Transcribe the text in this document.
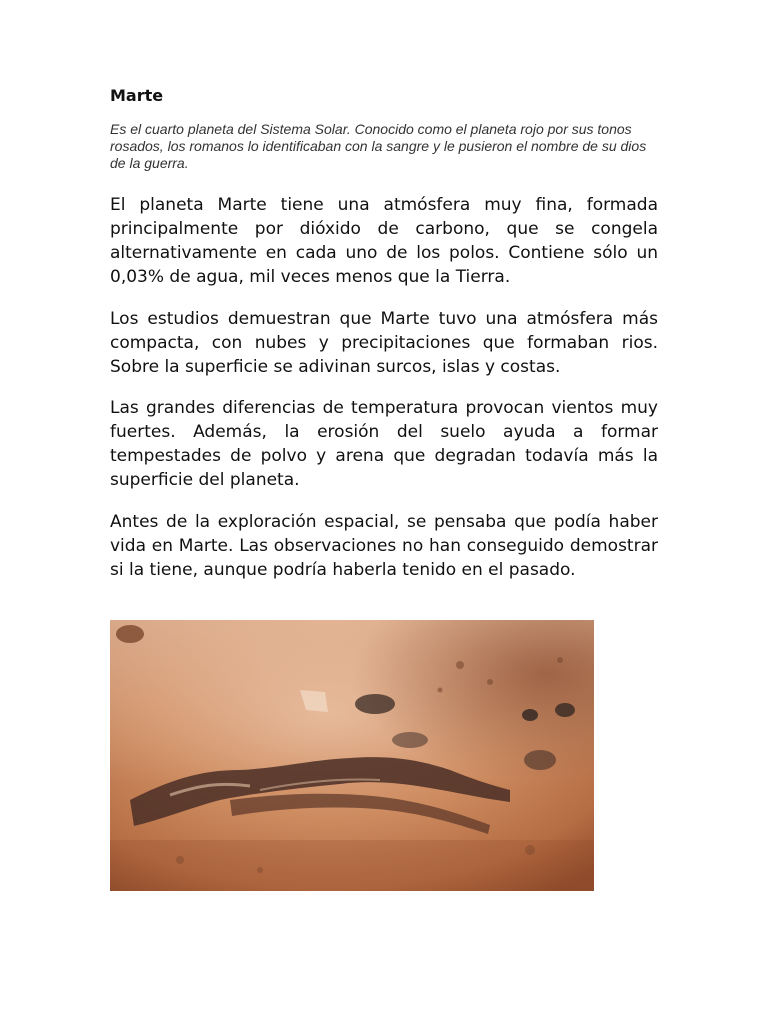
Marte
Es el cuarto planeta del Sistema Solar. Conocido como el planeta rojo por sus tonos rosados, los romanos lo identificaban con la sangre y le pusieron el nombre de su dios de la guerra.

El planeta Marte tiene una atmósfera muy fina, formada principalmente por dióxido de carbono, que se congela alternativamente en cada uno de los polos. Contiene sólo un 0,03% de agua, mil veces menos que la Tierra.

Los estudios demuestran que Marte tuvo una atmósfera más compacta, con nubes y precipitaciones que formaban rios. Sobre la superficie se adivinan surcos, islas y costas.

Las grandes diferencias de temperatura provocan vientos muy fuertes. Además, la erosión del suelo ayuda a formar tempestades de polvo y arena que degradan todavía más la superficie del planeta.

Antes de la exploración espacial, se pensaba que podía haber vida en Marte. Las observaciones no han conseguido demostrar si la tiene, aunque podría haberla tenido en el pasado.
